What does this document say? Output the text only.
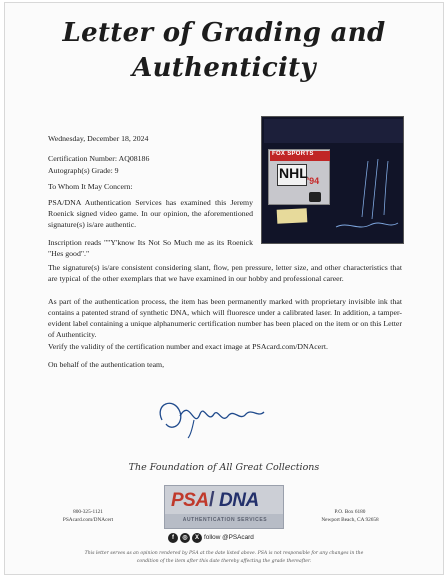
Letter of Grading and
Authenticity
Wednesday, December 18, 2024
Certification Number: AQ08186
Autograph(s) Grade: 9
To Whom It May Concern:
PSA/DNA Authentication Services has examined this Jeremy Roenick signed video game. In our opinion, the aforementioned signature(s) is/are authentic.
Inscription reads ""Y'know Its Not So Much me as its Roenick "Hes good"."
FOX SPORTS
NHL '94
The signature(s) is/are consistent considering slant, flow, pen pressure, letter size, and other characteristics that are typical of the other exemplars that we have examined in our hobby and professional career.
As part of the authentication process, the item has been permanently marked with proprietary invisible ink that contains a patented strand of synthetic DNA, which will fluoresce under a calibrated laser. In addition, a tamper-evident label containing a unique alphanumeric certification number has been placed on the item or on this Letter of Authenticity.
Verify the validity of the certification number and exact image at PSAcard.com/DNAcert.
On behalf of the authentication team,
The Foundation of All Great Collections
800-325-1121
PSAcard.com/DNAcert
PSA / DNA
AUTHENTICATION SERVICES
P.O. Box 6180
Newport Beach, CA 92658
f	◎	X follow @PSAcard
This letter serves as an opinion rendered by PSA at the date listed above. PSA is not responsible for any changes in the
condition of the item after this date thereby affecting the grade thereafter.
